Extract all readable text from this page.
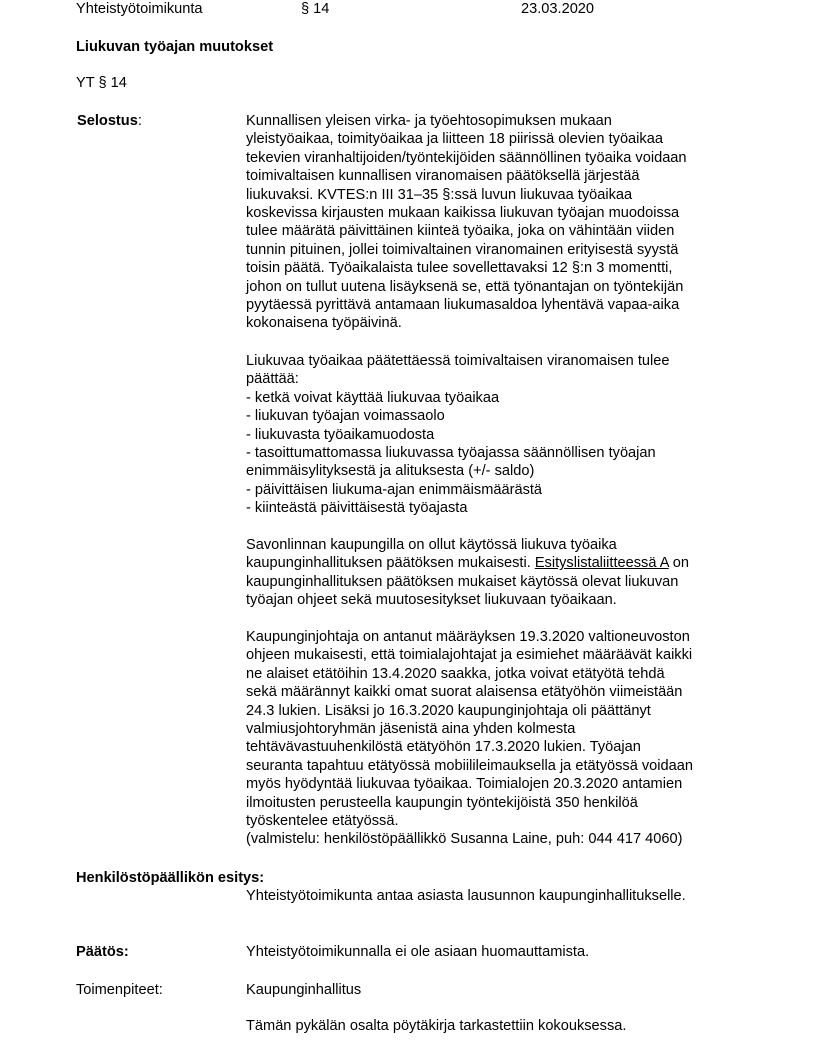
Yhteistyötoimikunta	§ 14	23.03.2020
Liukuvan työajan muutokset
YT § 14
Selostus:	Kunnallisen yleisen virka- ja työehtosopimuksen mukaan
yleistyöaikaa, toimityöaikaa ja liitteen 18 piirissä olevien työaikaa
tekevien viranhaltijoiden/työntekijöiden säännöllinen työaika voidaan
toimivaltaisen kunnallisen viranomaisen päätöksellä järjestää
liukuvaksi. KVTES:n III 31–35 §:ssä luvun liukuvaa työaikaa
koskevissa kirjausten mukaan kaikissa liukuvan työajan muodoissa
tulee määrätä päivittäinen kiinteä työaika, joka on vähintään viiden
tunnin pituinen, jollei toimivaltainen viranomainen erityisestä syystä
toisin päätä. Työaikalaista tulee sovellettavaksi 12 §:n 3 momentti,
johon on tullut uutena lisäyksenä se, että työnantajan on työntekijän
pyytäessä pyrittävä antamaan liukumasaldoa lyhentävä vapaa-aika
kokonaisena työpäivinä.
Liukuvaa työaikaa päätettäessä toimivaltaisen viranomaisen tulee
päättää:
- ketkä voivat käyttää liukuvaa työaikaa
- liukuvan työajan voimassaolo
- liukuvasta työaikamuodosta
- tasoittumattomassa liukuvassa työajassa säännöllisen työajan
enimmäisylityksestä ja alituksesta (+/- saldo)
- päivittäisen liukuma-ajan enimmäismäärästä
- kiinteästä päivittäisestä työajasta
Savonlinnan kaupungilla on ollut käytössä liukuva työaika
kaupunginhallituksen päätöksen mukaisesti. Esityslistaliitteessä A on
kaupunginhallituksen päätöksen mukaiset käytössä olevat liukuvan
työajan ohjeet sekä muutosesitykset liukuvaan työaikaan.
Kaupunginjohtaja on antanut määräyksen 19.3.2020 valtioneuvoston
ohjeen mukaisesti, että toimialajohtajat ja esimiehet määräävät kaikki
ne alaiset etätöihin 13.4.2020 saakka, jotka voivat etätyötä tehdä
sekä määrännyt kaikki omat suorat alaisensa etätyöhön viimeistään
24.3 lukien. Lisäksi jo 16.3.2020 kaupunginjohtaja oli päättänyt
valmiusjohtoryhmän jäsenistä aina yhden kolmesta
tehtävävastuuhenkilöstä etätyöhön 17.3.2020 lukien. Työajan
seuranta tapahtuu etätyössä mobiilileimauksella ja etätyössä voidaan
myös hyödyntää liukuvaa työaikaa. Toimialojen 20.3.2020 antamien
ilmoitusten perusteella kaupungin työntekijöistä 350 henkilöä
työskentelee etätyössä.
(valmistelu: henkilöstöpäällikkö Susanna Laine, puh: 044 417 4060)
Henkilöstöpäällikön esitys:
Yhteistyötoimikunta antaa asiasta lausunnon kaupunginhallitukselle.
Päätös:	Yhteistyötoimikunnalla ei ole asiaan huomauttamista.
Toimenpiteet:	Kaupunginhallitus
Tämän pykälän osalta pöytäkirja tarkastettiin kokouksessa.
